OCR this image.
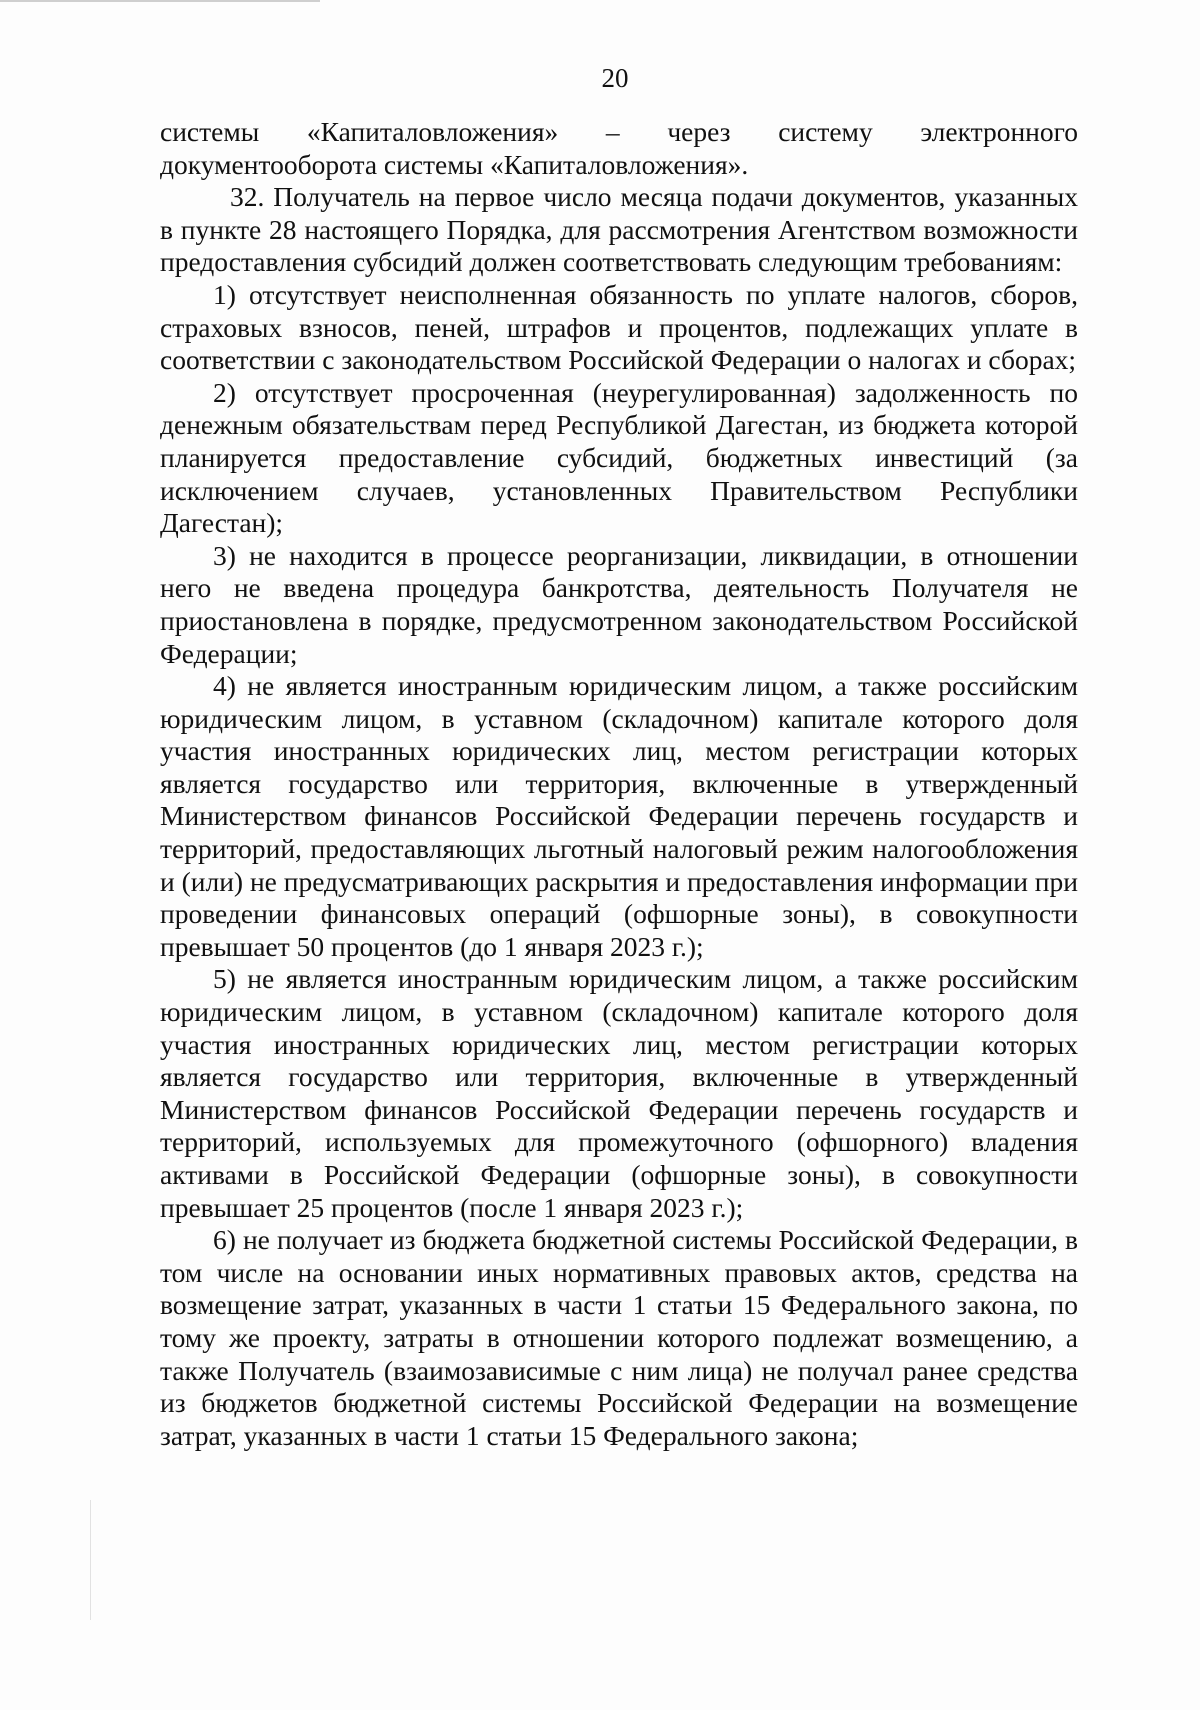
20

системы «Капиталовложения» – через систему электронного документооборота системы «Капиталовложения».

32. Получатель на первое число месяца подачи документов, указанных в пункте 28 настоящего Порядка, для рассмотрения Агентством возможности предоставления субсидий должен соответствовать следующим требованиям:

1) отсутствует неисполненная обязанность по уплате налогов, сборов, страховых взносов, пеней, штрафов и процентов, подлежащих уплате в соответствии с законодательством Российской Федерации о налогах и сборах;

2) отсутствует просроченная (неурегулированная) задолженность по денежным обязательствам перед Республикой Дагестан, из бюджета которой планируется предоставление субсидий, бюджетных инвестиций (за исключением случаев, установленных Правительством Республики Дагестан);

3) не находится в процессе реорганизации, ликвидации, в отношении него не введена процедура банкротства, деятельность Получателя не приостановлена в порядке, предусмотренном законодательством Российской Федерации;

4) не является иностранным юридическим лицом, а также российским юридическим лицом, в уставном (складочном) капитале которого доля участия иностранных юридических лиц, местом регистрации которых является государство или территория, включенные в утвержденный Министерством финансов Российской Федерации перечень государств и территорий, предоставляющих льготный налоговый режим налогообложения и (или) не предусматривающих раскрытия и предоставления информации при проведении финансовых операций (офшорные зоны), в совокупности превышает 50 процентов (до 1 января 2023 г.);

5) не является иностранным юридическим лицом, а также российским юридическим лицом, в уставном (складочном) капитале которого доля участия иностранных юридических лиц, местом регистрации которых является государство или территория, включенные в утвержденный Министерством финансов Российской Федерации перечень государств и территорий, используемых для промежуточного (офшорного) владения активами в Российской Федерации (офшорные зоны), в совокупности превышает 25 процентов (после 1 января 2023 г.);

6) не получает из бюджета бюджетной системы Российской Федерации, в том числе на основании иных нормативных правовых актов, средства на возмещение затрат, указанных в части 1 статьи 15 Федерального закона, по тому же проекту, затраты в отношении которого подлежат возмещению, а также Получатель (взаимозависимые с ним лица) не получал ранее средства из бюджетов бюджетной системы Российской Федерации на возмещение затрат, указанных в части 1 статьи 15 Федерального закона;
